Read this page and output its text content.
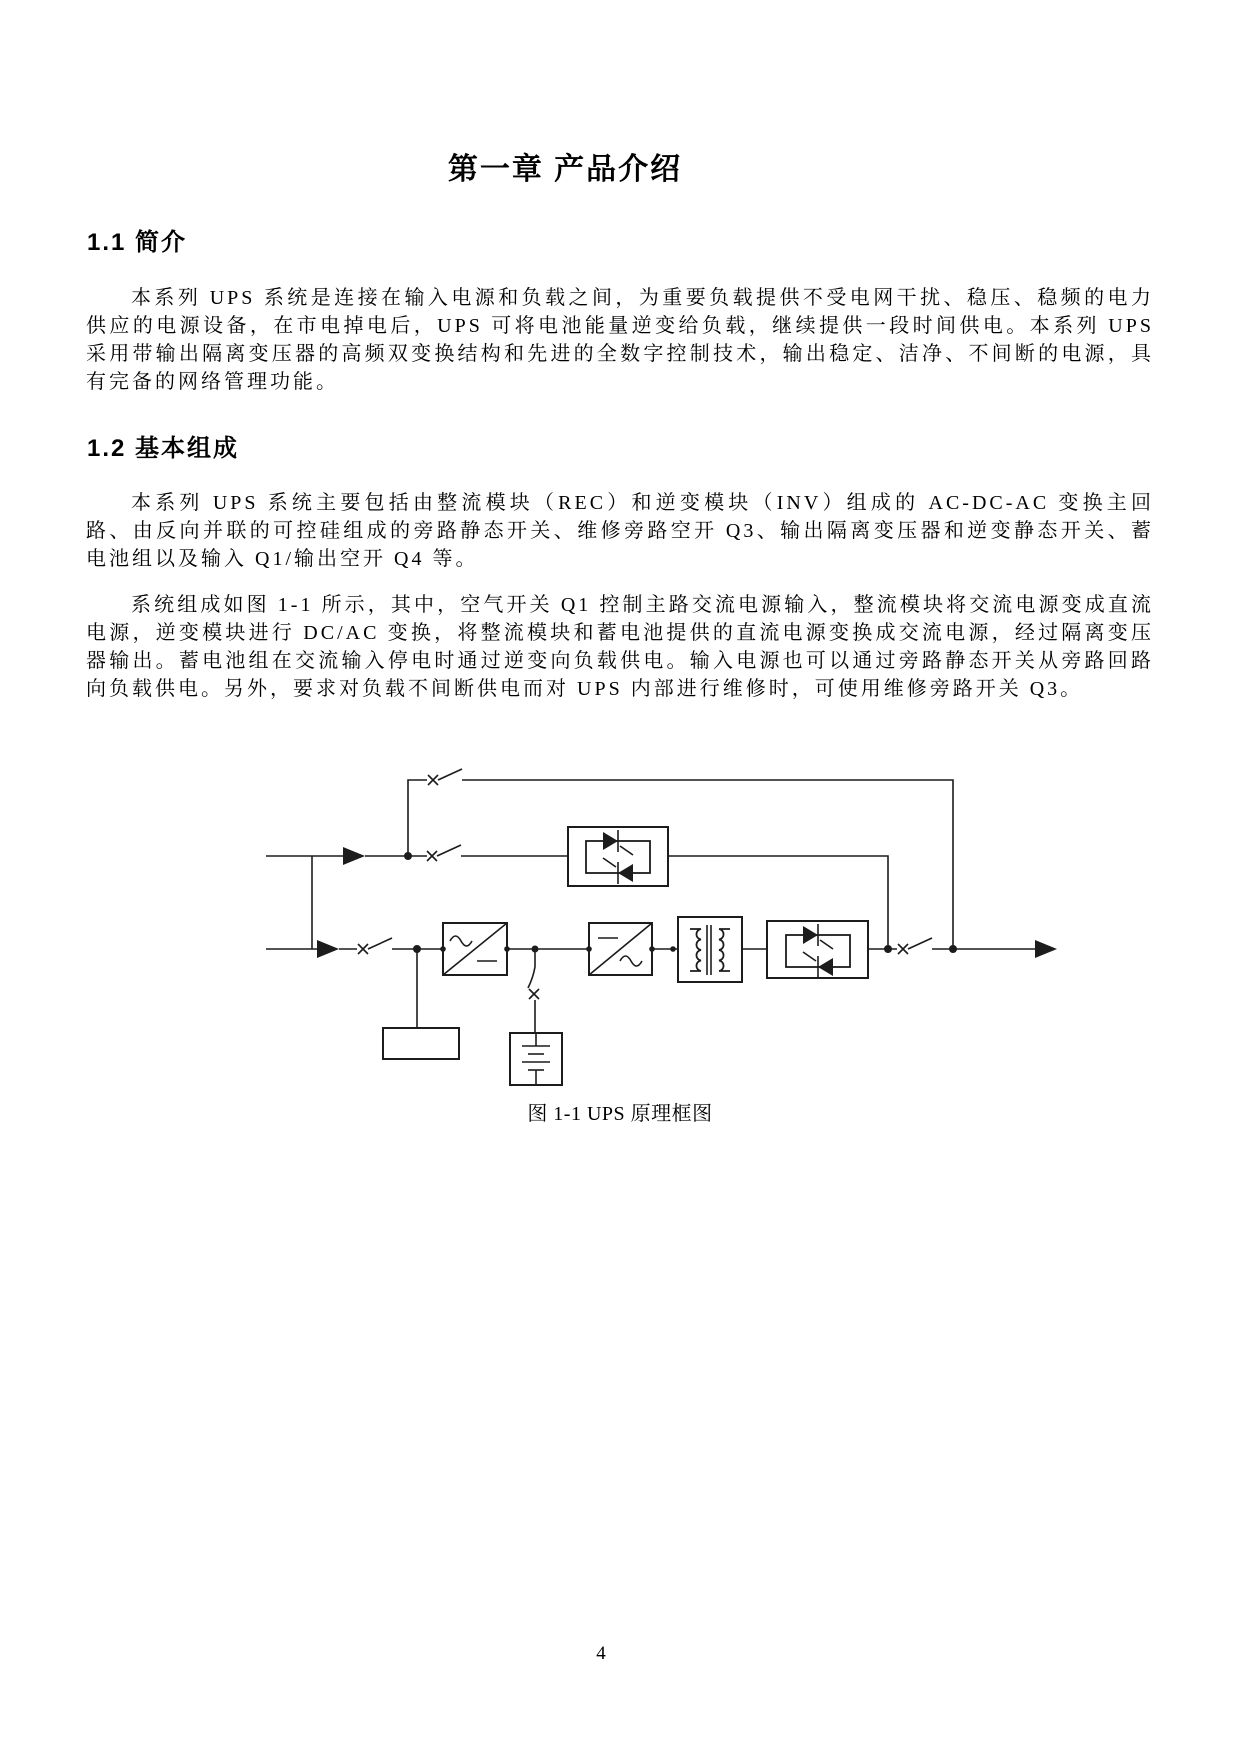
第一章 产品介绍
1.1 简介

本系列 UPS 系统是连接在输入电源和负载之间，为重要负载提供不受电网干扰、稳压、稳频的电力供应的电源设备，在市电掉电后，UPS 可将电池能量逆变给负载，继续提供一段时间供电。本系列 UPS 采用带输出隔离变压器的高频双变换结构和先进的全数字控制技术，输出稳定、洁净、不间断的电源，具有完备的网络管理功能。

1.2 基本组成

本系列 UPS 系统主要包括由整流模块（REC）和逆变模块（INV）组成的 AC-DC-AC 变换主回路、由反向并联的可控硅组成的旁路静态开关、维修旁路空开 Q3、输出隔离变压器和逆变静态开关、蓄电池组以及输入 Q1/输出空开 Q4 等。

系统组成如图 1-1 所示，其中，空气开关 Q1 控制主路交流电源输入，整流模块将交流电源变成直流电源，逆变模块进行 DC/AC 变换，将整流模块和蓄电池提供的直流电源变换成交流电源，经过隔离变压器输出。蓄电池组在交流输入停电时通过逆变向负载供电。输入电源也可以通过旁路静态开关从旁路回路向负载供电。另外，要求对负载不间断供电而对 UPS 内部进行维修时，可使用维修旁路开关 Q3。

图 1-1 UPS 原理框图
4
